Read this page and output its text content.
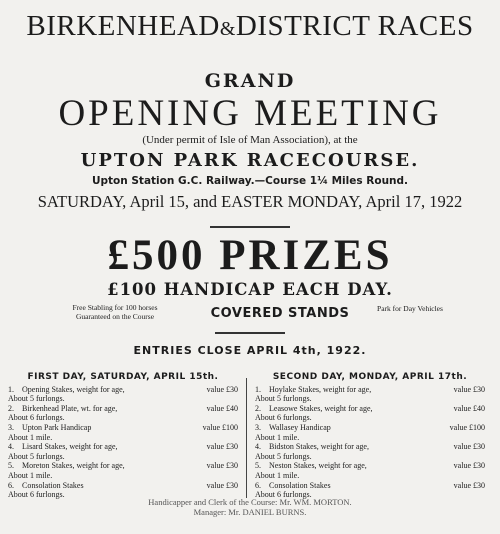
BIRKENHEAD&DISTRICT RACES
GRAND
OPENING MEETING
(Under permit of Isle of Man Association), at the
UPTON PARK RACECOURSE.
Upton Station G.C. Railway.—Course 1¼ Miles Round.
SATURDAY, April 15, and EASTER MONDAY, April 17, 1922
£500 PRIZES
£100 HANDICAP EACH DAY.
Free Stabling for 100 horses Guaranteed on the Course	COVERED STANDS	Park for Day Vehicles
ENTRIES CLOSE APRIL 4th, 1922.
FIRST DAY, SATURDAY, APRIL 15th.
1.	Opening Stakes, weight for age,	value £30
About 5 furlongs.
2.	Birkenhead Plate, wt. for age,	value £40
About 6 furlongs.
3.	Upton Park Handicap	value £100
About 1 mile.
4.	Lisard Stakes, weight for age,	value £30
About 5 furlongs.
5.	Moreton Stakes, weight for age,	value £30
About 1 mile.
6.	Consolation Stakes	value £30
About 6 furlongs.
SECOND DAY, MONDAY, APRIL 17th.
1.	Hoylake Stakes, weight for age,	value £30
About 5 furlongs.
2.	Leasowe Stakes, weight for age,	value £40
About 6 furlongs.
3.	Wallasey Handicap	value £100
About 1 mile.
4.	Bidston Stakes, weight for age,	value £30
About 5 furlongs.
5.	Neston Stakes, weight for age,	value £30
About 1 mile.
6.	Consolation Stakes	value £30
About 6 furlongs.
Handicapper and Clerk of the Course: Mr. WM. MORTON.
Manager: Mr. DANIEL BURNS.
